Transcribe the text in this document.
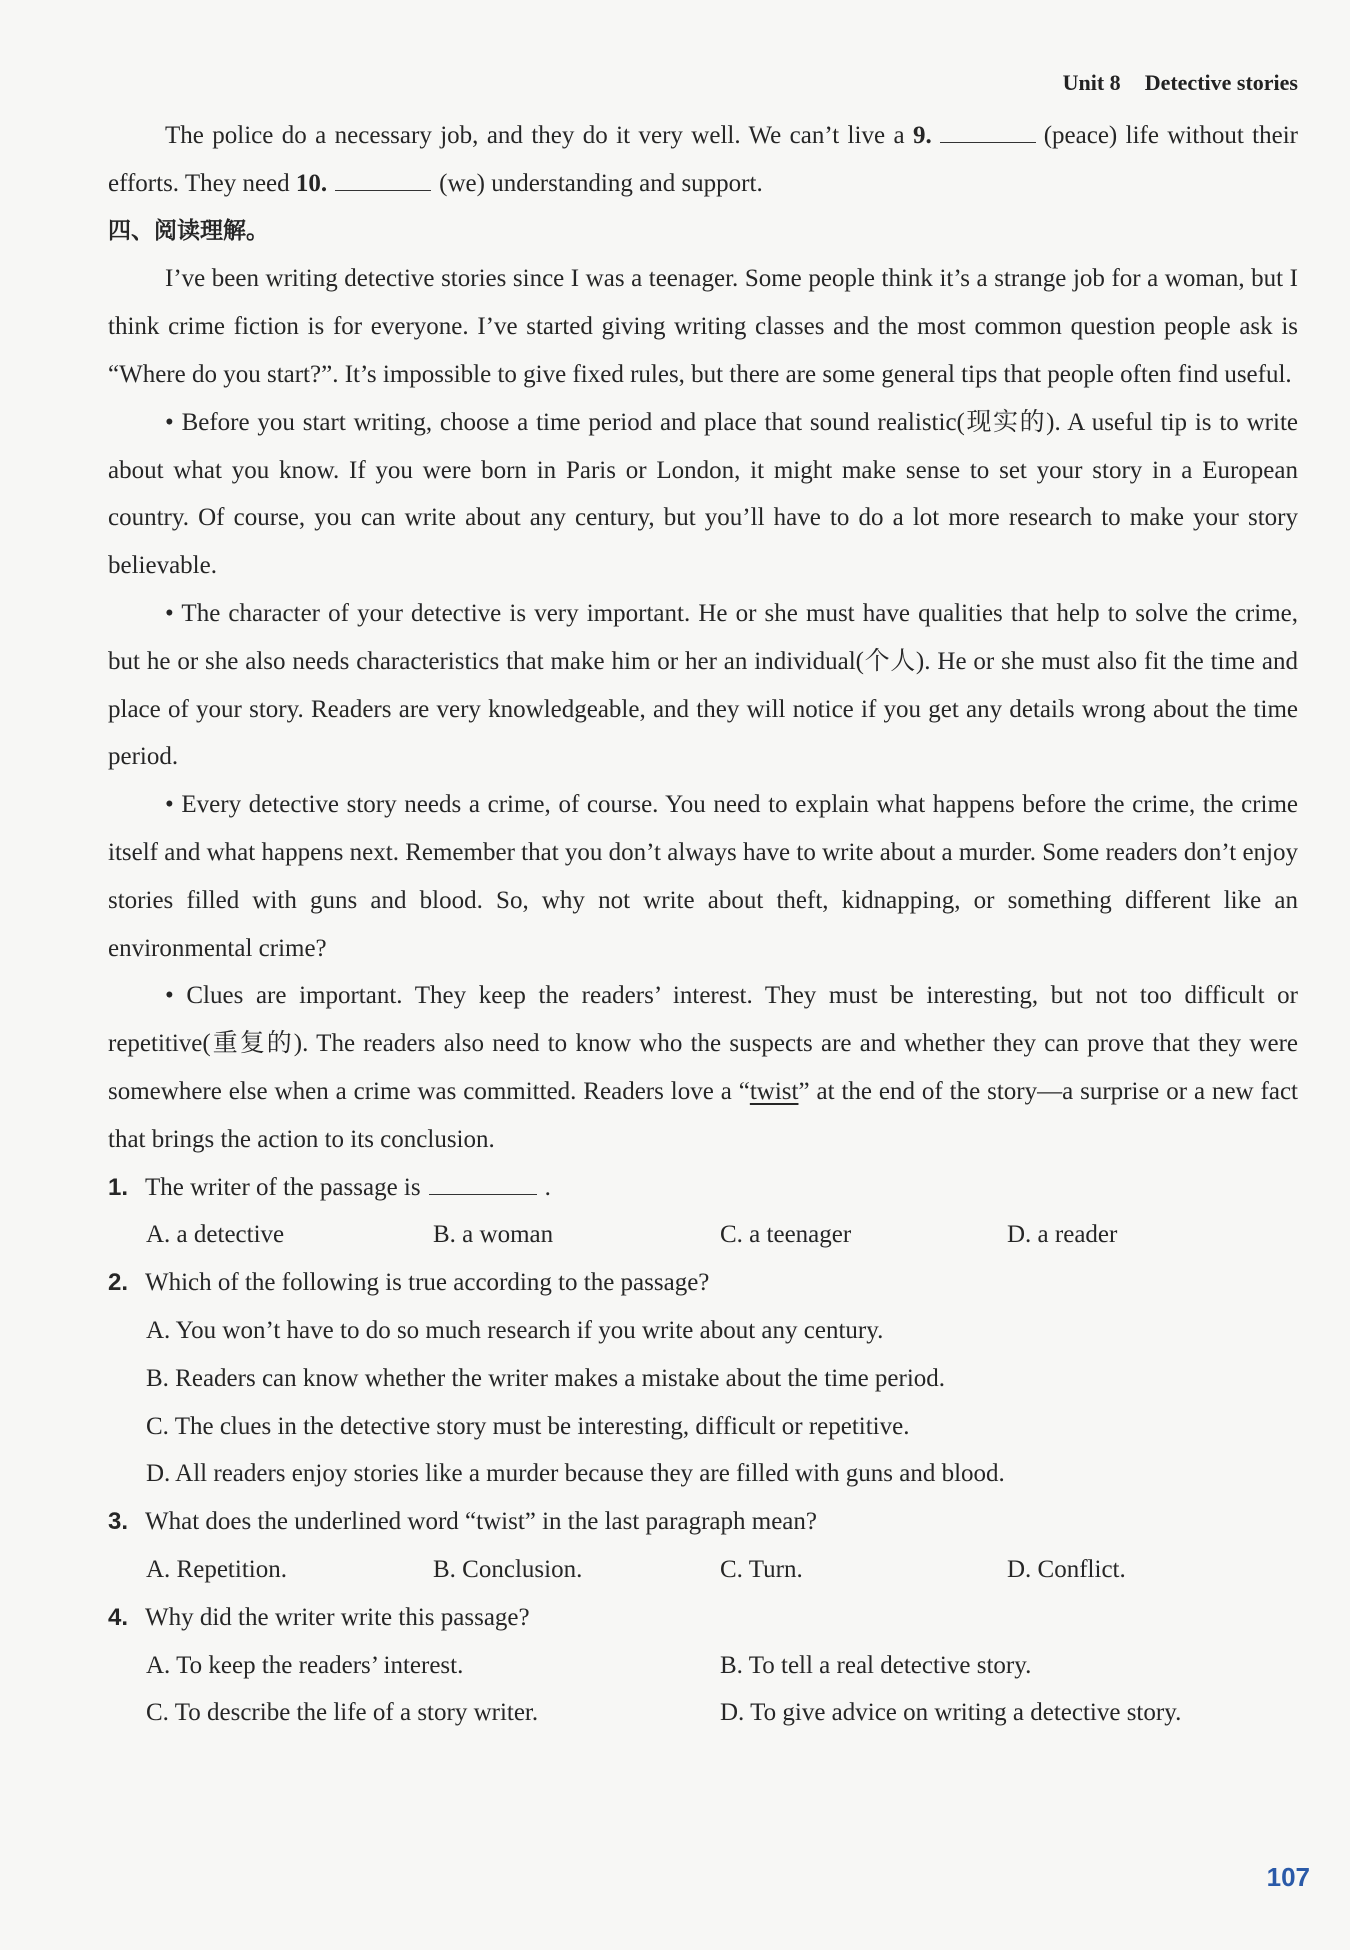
Unit 8 Detective stories

The police do a necessary job, and they do it very well. We can’t live a 9.	(peace) life without their efforts. They need 10.	(we) understanding and support.

四、阅读理解。

I’ve been writing detective stories since I was a teenager. Some people think it’s a strange job for a woman, but I think crime fiction is for everyone. I’ve started giving writing classes and the most common question people ask is “Where do you start?”. It’s impossible to give fixed rules, but there are some general tips that people often find useful.

• Before you start writing, choose a time period and place that sound realistic(现实的). A useful tip is to write about what you know. If you were born in Paris or London, it might make sense to set your story in a European country. Of course, you can write about any century, but you’ll have to do a lot more research to make your story believable.

• The character of your detective is very important. He or she must have qualities that help to solve the crime, but he or she also needs characteristics that make him or her an individual(个人). He or she must also fit the time and place of your story. Readers are very knowledgeable, and they will notice if you get any details wrong about the time period.

• Every detective story needs a crime, of course. You need to explain what happens before the crime, the crime itself and what happens next. Remember that you don’t always have to write about a murder. Some readers don’t enjoy stories filled with guns and blood. So, why not write about theft, kidnapping, or something different like an environmental crime?

• Clues are important. They keep the readers’ interest. They must be interesting, but not too difficult or repetitive(重复的). The readers also need to know who the suspects are and whether they can prove that they were somewhere else when a crime was committed. Readers love a “twist” at the end of the story—a surprise or a new fact that brings the action to its conclusion.

1. The writer of the passage is	.

A. a detective	B. a woman	C. a teenager	D. a reader

2. Which of the following is true according to the passage?

A. You won’t have to do so much research if you write about any century.

B. Readers can know whether the writer makes a mistake about the time period.

C. The clues in the detective story must be interesting, difficult or repetitive.

D. All readers enjoy stories like a murder because they are filled with guns and blood.

3. What does the underlined word “twist” in the last paragraph mean?

A. Repetition.	B. Conclusion.	C. Turn.	D. Conflict.

4. Why did the writer write this passage?

A. To keep the readers’ interest.	B. To tell a real detective story.
C. To describe the life of a story writer.	D. To give advice on writing a detective story.
107
